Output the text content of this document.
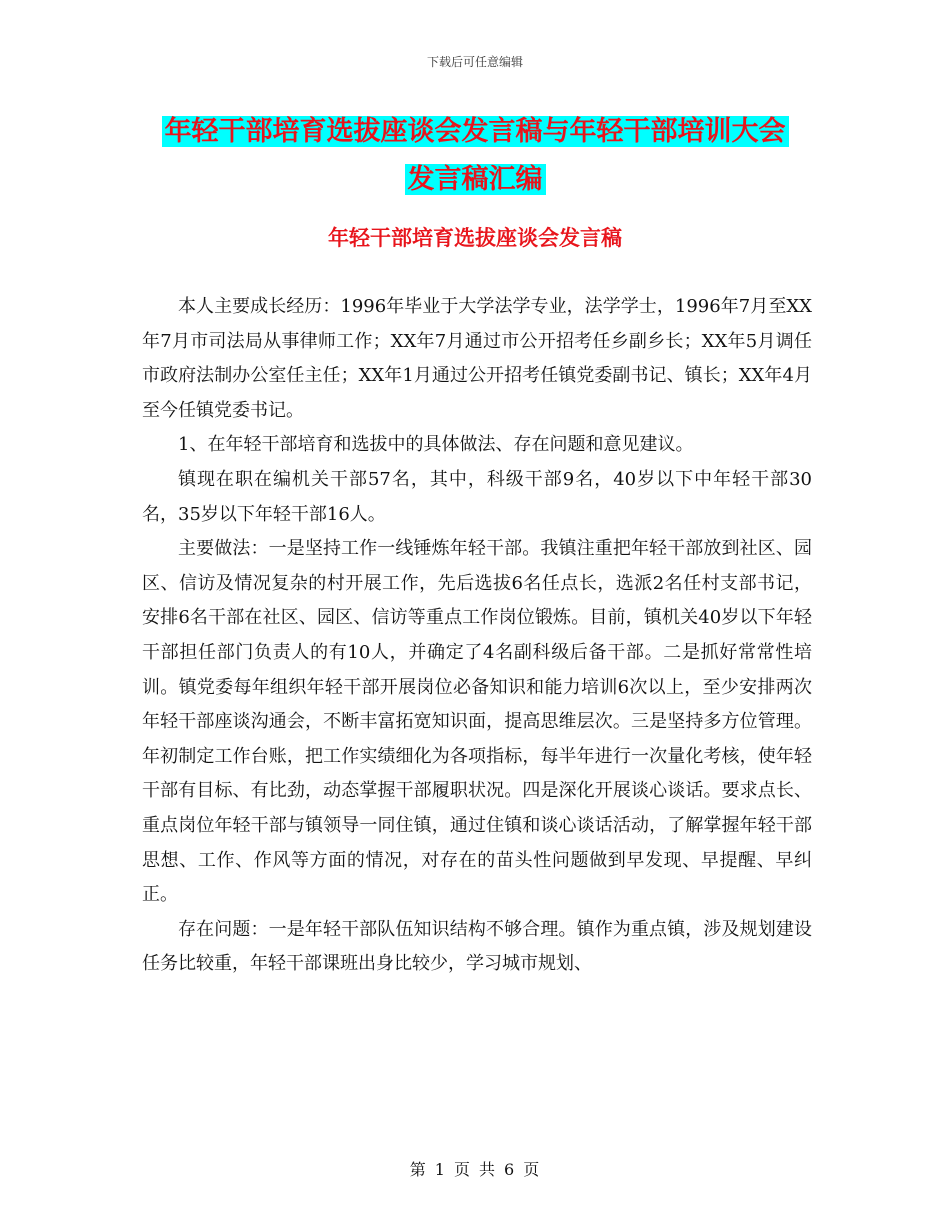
下载后可任意编辑
年轻干部培育选拔座谈会发言稿与年轻干部培训大会
发言稿汇编
年轻干部培育选拔座谈会发言稿

本人主要成长经历：1996年毕业于大学法学专业，法学学士，1996年7月至XX年7月市司法局从事律师工作；XX年7月通过市公开招考任乡副乡长；XX年5月调任市政府法制办公室任主任；XX年1月通过公开招考任镇党委副书记、镇长；XX年4月至今任镇党委书记。

1、在年轻干部培育和选拔中的具体做法、存在问题和意见建议。

镇现在职在编机关干部57名，其中，科级干部9名，40岁以下中年轻干部30名，35岁以下年轻干部16人。

主要做法：一是坚持工作一线锤炼年轻干部。我镇注重把年轻干部放到社区、园区、信访及情况复杂的村开展工作，先后选拔6名任点长，选派2名任村支部书记，安排6名干部在社区、园区、信访等重点工作岗位锻炼。目前，镇机关40岁以下年轻干部担任部门负责人的有10人，并确定了4名副科级后备干部。二是抓好常常性培训。镇党委每年组织年轻干部开展岗位必备知识和能力培训6次以上，至少安排两次年轻干部座谈沟通会，不断丰富拓宽知识面，提高思维层次。三是坚持多方位管理。年初制定工作台账，把工作实绩细化为各项指标，每半年进行一次量化考核，使年轻干部有目标、有比劲，动态掌握干部履职状况。四是深化开展谈心谈话。要求点长、重点岗位年轻干部与镇领导一同住镇，通过住镇和谈心谈话活动，了解掌握年轻干部思想、工作、作风等方面的情况，对存在的苗头性问题做到早发现、早提醒、早纠正。

存在问题：一是年轻干部队伍知识结构不够合理。镇作为重点镇，涉及规划建设任务比较重，年轻干部课班出身比较少，学习城市规划、

第 1 页 共 6 页
